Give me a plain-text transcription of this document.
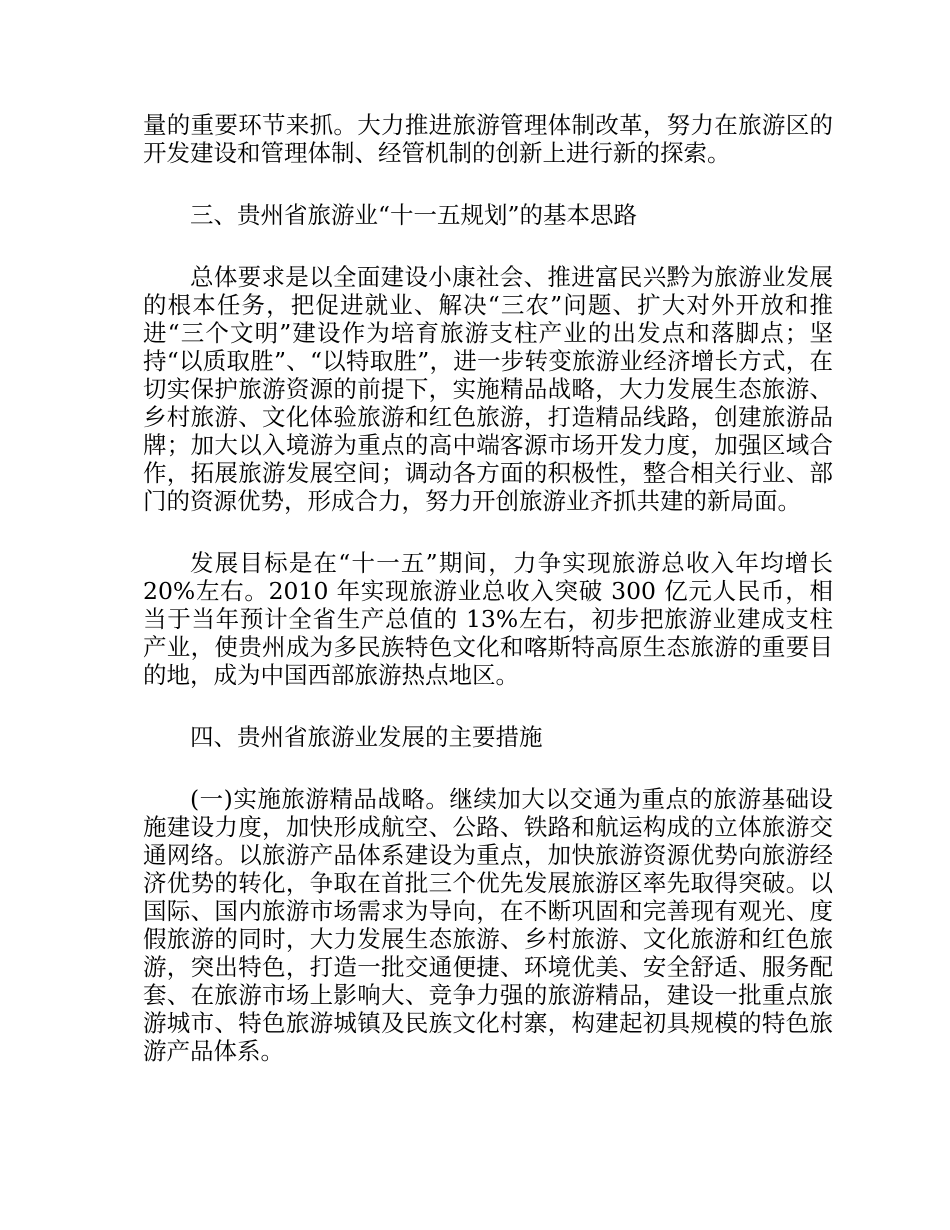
量的重要环节来抓。大力推进旅游管理体制改革，努力在旅游区的开发建设和管理体制、经管机制的创新上进行新的探索。

三、贵州省旅游业“十一五规划”的基本思路

总体要求是以全面建设小康社会、推进富民兴黔为旅游业发展的根本任务，把促进就业、解决“三农”问题、扩大对外开放和推进“三个文明”建设作为培育旅游支柱产业的出发点和落脚点；坚持“以质取胜”、“以特取胜”，进一步转变旅游业经济增长方式，在切实保护旅游资源的前提下，实施精品战略，大力发展生态旅游、乡村旅游、文化体验旅游和红色旅游，打造精品线路，创建旅游品牌；加大以入境游为重点的高中端客源市场开发力度，加强区域合作，拓展旅游发展空间；调动各方面的积极性，整合相关行业、部门的资源优势，形成合力，努力开创旅游业齐抓共建的新局面。

发展目标是在“十一五”期间，力争实现旅游总收入年均增长 20%左右。2010 年实现旅游业总收入突破 300 亿元人民币，相当于当年预计全省生产总值的 13%左右，初步把旅游业建成支柱产业，使贵州成为多民族特色文化和喀斯特高原生态旅游的重要目的地，成为中国西部旅游热点地区。

四、贵州省旅游业发展的主要措施

(一)实施旅游精品战略。继续加大以交通为重点的旅游基础设施建设力度，加快形成航空、公路、铁路和航运构成的立体旅游交通网络。以旅游产品体系建设为重点，加快旅游资源优势向旅游经济优势的转化，争取在首批三个优先发展旅游区率先取得突破。以国际、国内旅游市场需求为导向，在不断巩固和完善现有观光、度假旅游的同时，大力发展生态旅游、乡村旅游、文化旅游和红色旅游，突出特色，打造一批交通便捷、环境优美、安全舒适、服务配套、在旅游市场上影响大、竞争力强的旅游精品，建设一批重点旅游城市、特色旅游城镇及民族文化村寨，构建起初具规模的特色旅游产品体系。
